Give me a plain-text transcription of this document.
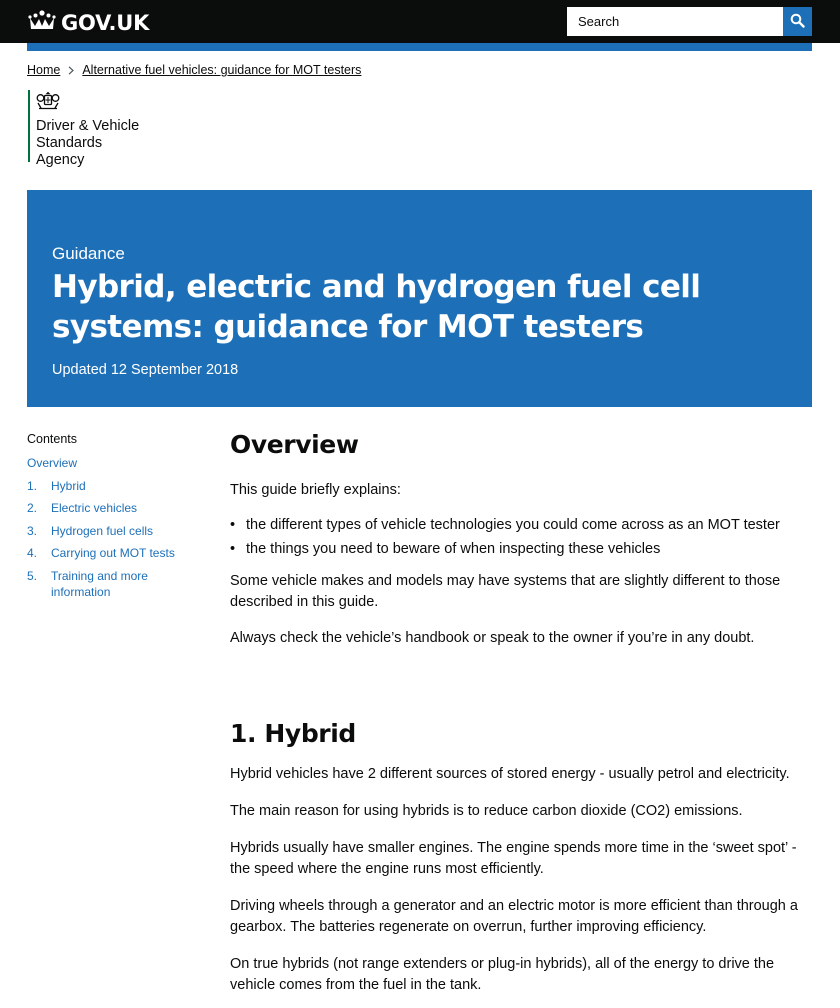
GOV.UK
Search
Home Alternative fuel vehicles: guidance for MOT testers
Driver & Vehicle
Standards
Agency
Guidance
Hybrid, electric and hydrogen fuel cell systems: guidance for MOT testers
Updated 12 September 2018
Contents
Overview
1.	Hybrid
2.	Electric vehicles
3.	Hydrogen fuel cells
4.	Carrying out MOT tests
5.	Training and more information
Overview

This guide briefly explains:

• the different types of vehicle technologies you could come across as an MOT tester
• the things you need to beware of when inspecting these vehicles

Some vehicle makes and models may have systems that are slightly different to those described in this guide.

Always check the vehicle’s handbook or speak to the owner if you’re in any doubt.

1. Hybrid

Hybrid vehicles have 2 different sources of stored energy - usually petrol and electricity.

The main reason for using hybrids is to reduce carbon dioxide (CO2) emissions.

Hybrids usually have smaller engines. The engine spends more time in the ‘sweet spot’ - the speed where the engine runs most efficiently.

Driving wheels through a generator and an electric motor is more efficient than through a gearbox. The batteries regenerate on overrun, further improving efficiency.

On true hybrids (not range extenders or plug-in hybrids), all of the energy to drive the vehicle comes from the fuel in the tank.
